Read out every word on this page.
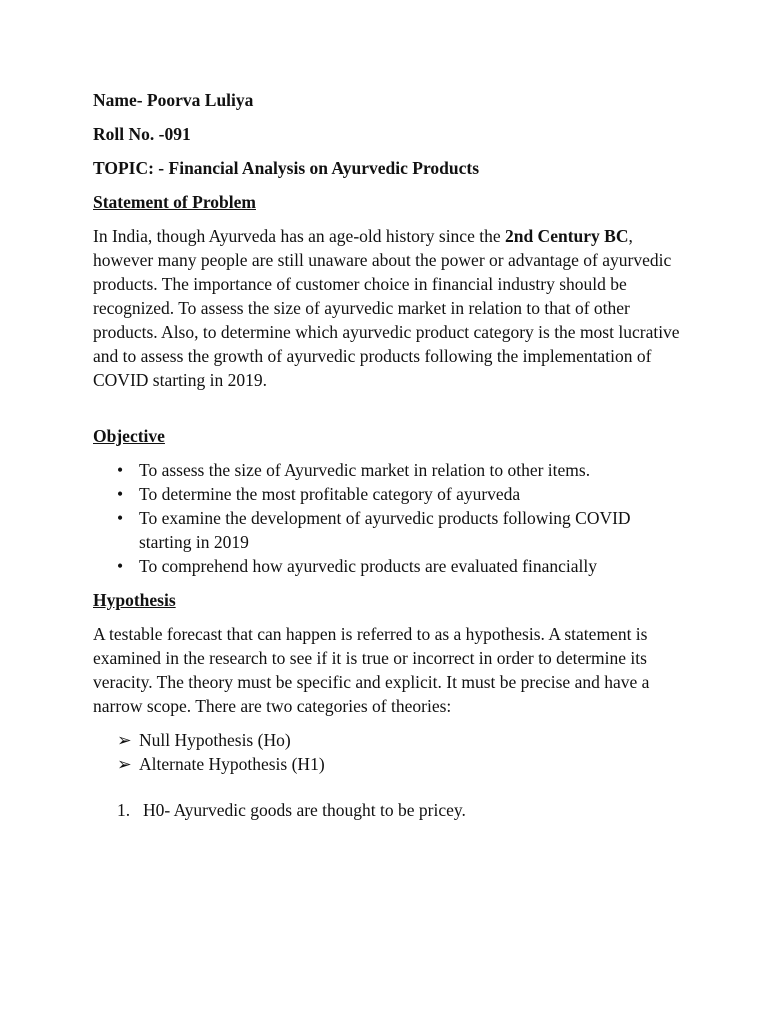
Name- Poorva Luliya
Roll No. -091
TOPIC: - Financial Analysis on Ayurvedic Products
Statement of Problem

In India, though Ayurveda has an age-old history since the 2nd Century BC, however many people are still unaware about the power or advantage of ayurvedic products. The importance of customer choice in financial industry should be recognized. To assess the size of ayurvedic market in relation to that of other products. Also, to determine which ayurvedic product category is the most lucrative and to assess the growth of ayurvedic products following the implementation of COVID starting in 2019.

Objective
• To assess the size of Ayurvedic market in relation to other items.
• To determine the most profitable category of ayurveda
• To examine the development of ayurvedic products following COVID starting in 2019
• To comprehend how ayurvedic products are evaluated financially
Hypothesis

A testable forecast that can happen is referred to as a hypothesis. A statement is examined in the research to see if it is true or incorrect in order to determine its veracity. The theory must be specific and explicit. It must be precise and have a narrow scope. There are two categories of theories:

➢ Null Hypothesis (Ho)
➢ Alternate Hypothesis (H1)
1. H0- Ayurvedic goods are thought to be pricey.
